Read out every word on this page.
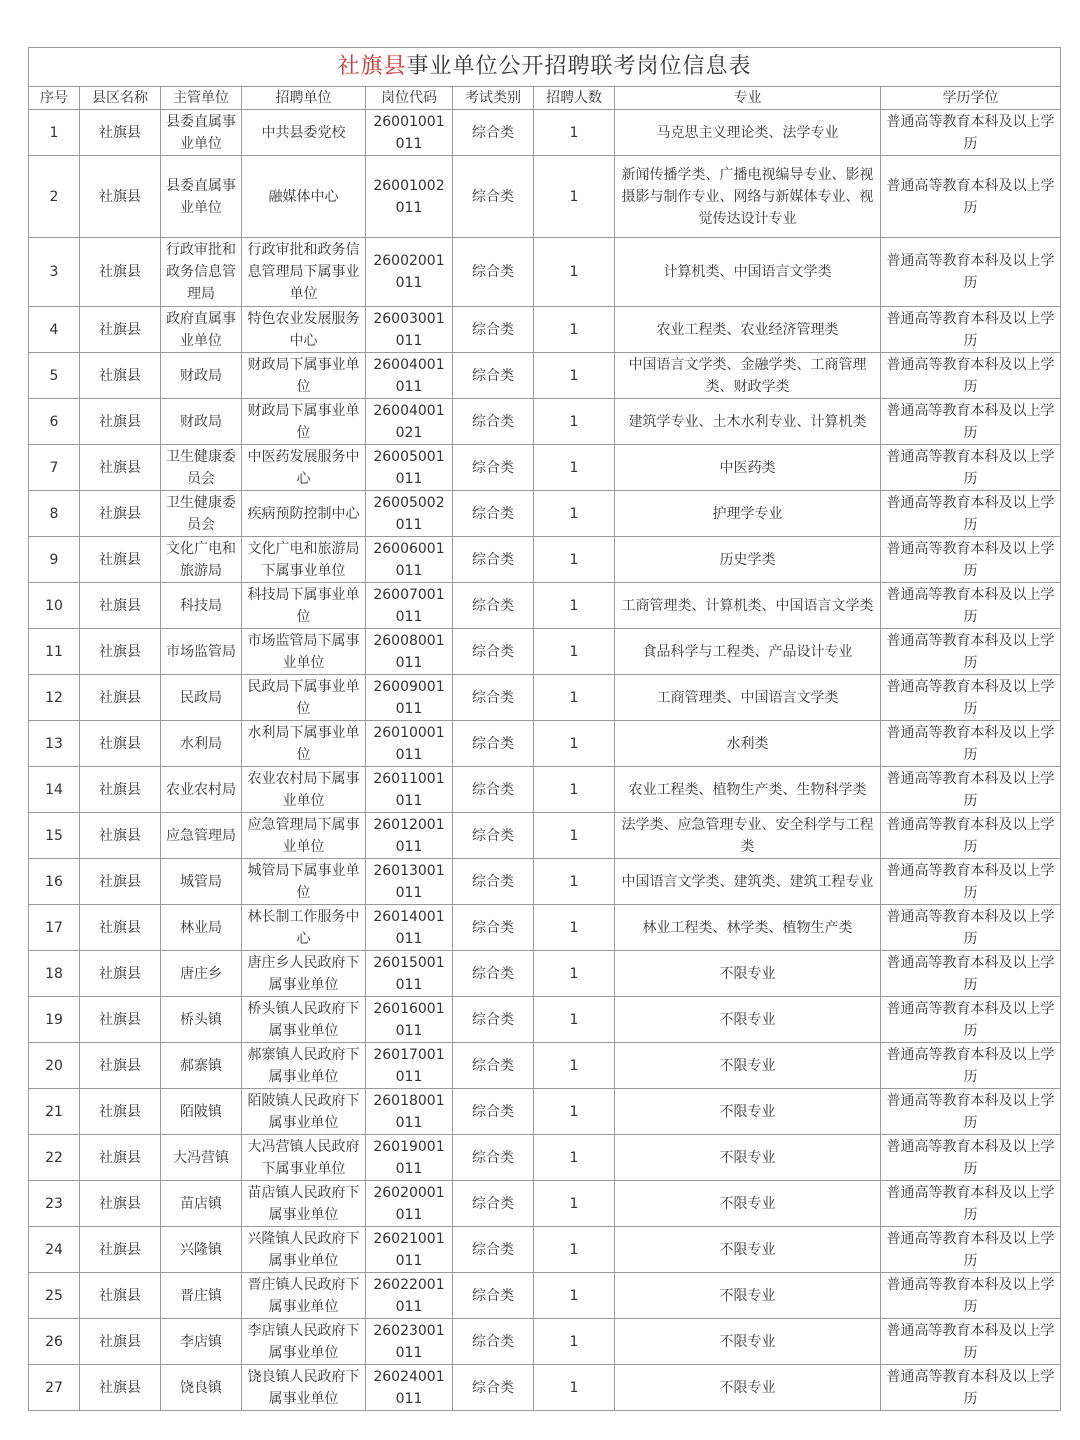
社旗县事业单位公开招聘联考岗位信息表								
序号	县区名称	主管单位	招聘单位	岗位代码	考试类别	招聘人数	专业	学历学位
1	社旗县	县委直属事业单位	中共县委党校	26001001011	综合类	1	马克思主义理论类、法学专业	普通高等教育本科及以上学历
2	社旗县	县委直属事业单位	融媒体中心	26001002011	综合类	1	新闻传播学类、广播电视编导专业、影视摄影与制作专业、网络与新媒体专业、视觉传达设计专业	普通高等教育本科及以上学历
3	社旗县	行政审批和政务信息管理局	行政审批和政务信息管理局下属事业单位	26002001011	综合类	1	计算机类、中国语言文学类	普通高等教育本科及以上学历
4	社旗县	政府直属事业单位	特色农业发展服务中心	26003001011	综合类	1	农业工程类、农业经济管理类	普通高等教育本科及以上学历
5	社旗县	财政局	财政局下属事业单位	26004001011	综合类	1	中国语言文学类、金融学类、工商管理类、财政学类	普通高等教育本科及以上学历
6	社旗县	财政局	财政局下属事业单位	26004001021	综合类	1	建筑学专业、土木水利专业、计算机类	普通高等教育本科及以上学历
7	社旗县	卫生健康委员会	中医药发展服务中心	26005001011	综合类	1	中医药类	普通高等教育本科及以上学历
8	社旗县	卫生健康委员会	疾病预防控制中心	26005002011	综合类	1	护理学专业	普通高等教育本科及以上学历
9	社旗县	文化广电和旅游局	文化广电和旅游局下属事业单位	26006001011	综合类	1	历史学类	普通高等教育本科及以上学历
10	社旗县	科技局	科技局下属事业单位	26007001011	综合类	1	工商管理类、计算机类、中国语言文学类	普通高等教育本科及以上学历
11	社旗县	市场监管局	市场监管局下属事业单位	26008001011	综合类	1	食品科学与工程类、产品设计专业	普通高等教育本科及以上学历
12	社旗县	民政局	民政局下属事业单位	26009001011	综合类	1	工商管理类、中国语言文学类	普通高等教育本科及以上学历
13	社旗县	水利局	水利局下属事业单位	26010001011	综合类	1	水利类	普通高等教育本科及以上学历
14	社旗县	农业农村局	农业农村局下属事业单位	26011001011	综合类	1	农业工程类、植物生产类、生物科学类	普通高等教育本科及以上学历
15	社旗县	应急管理局	应急管理局下属事业单位	26012001011	综合类	1	法学类、应急管理专业、安全科学与工程类	普通高等教育本科及以上学历
16	社旗县	城管局	城管局下属事业单位	26013001011	综合类	1	中国语言文学类、建筑类、建筑工程专业	普通高等教育本科及以上学历
17	社旗县	林业局	林长制工作服务中心	26014001011	综合类	1	林业工程类、林学类、植物生产类	普通高等教育本科及以上学历
18	社旗县	唐庄乡	唐庄乡人民政府下属事业单位	26015001011	综合类	1	不限专业	普通高等教育本科及以上学历
19	社旗县	桥头镇	桥头镇人民政府下属事业单位	26016001011	综合类	1	不限专业	普通高等教育本科及以上学历
20	社旗县	郝寨镇	郝寨镇人民政府下属事业单位	26017001011	综合类	1	不限专业	普通高等教育本科及以上学历
21	社旗县	陌陂镇	陌陂镇人民政府下属事业单位	26018001011	综合类	1	不限专业	普通高等教育本科及以上学历
22	社旗县	大冯营镇	大冯营镇人民政府下属事业单位	26019001011	综合类	1	不限专业	普通高等教育本科及以上学历
23	社旗县	苗店镇	苗店镇人民政府下属事业单位	26020001011	综合类	1	不限专业	普通高等教育本科及以上学历
24	社旗县	兴隆镇	兴隆镇人民政府下属事业单位	26021001011	综合类	1	不限专业	普通高等教育本科及以上学历
25	社旗县	晋庄镇	晋庄镇人民政府下属事业单位	26022001011	综合类	1	不限专业	普通高等教育本科及以上学历
26	社旗县	李店镇	李店镇人民政府下属事业单位	26023001011	综合类	1	不限专业	普通高等教育本科及以上学历
27	社旗县	饶良镇	饶良镇人民政府下属事业单位	26024001011	综合类	1	不限专业	普通高等教育本科及以上学历
